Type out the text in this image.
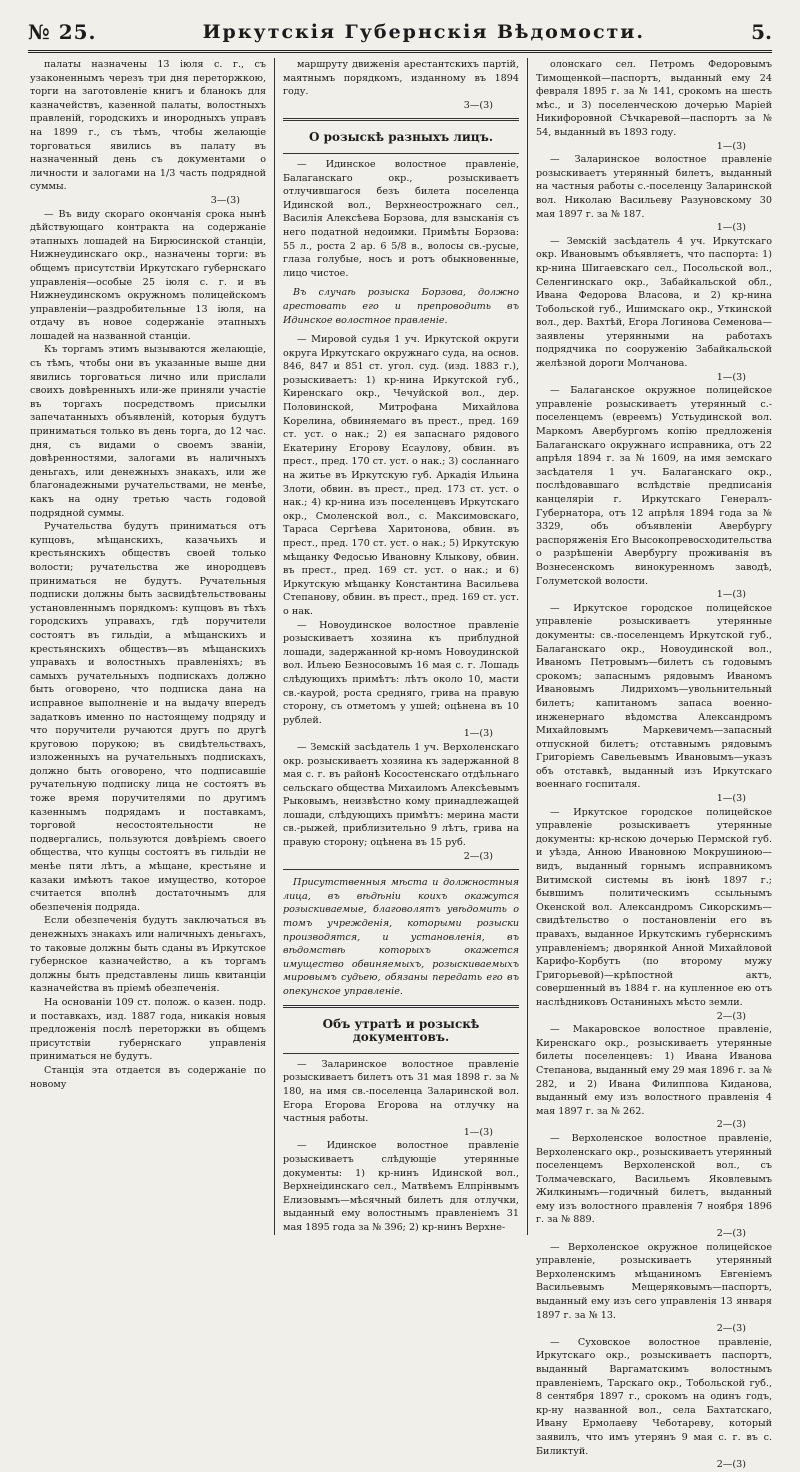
№ 25.	Иркутскія Губернскія Вѣдомости.	5.

палаты назначены 13 іюля с. г., съ узаконеннымъ черезъ три дня переторжкою, торги на заготовленіе книгъ и бланокъ для казначействъ, казенной палаты, волостныхъ правленій, городскихъ и инородныхъ управъ на 1899 г., съ тѣмъ, чтобы желающіе торговаться явились въ палату въ назначенный день съ документами о личности и залогами на 1/3 часть подрядной суммы.

3—(3)

— Въ виду скораго окончанія срока нынѣ дѣйствующаго контракта на содержаніе этапныхъ лошадей на Бирюсинской станціи, Нижнеудинскаго окр., назначены торги: въ общемъ присутствіи Иркутскаго губернскаго управленія—особые 25 іюля с. г. и въ Нижнеудинскомъ окружномъ полицейскомъ управленіи—раздробительные 13 іюля, на отдачу въ новое содержаніе этапныхъ лошадей на названной станціи.

Къ торгамъ этимъ вызываются желающіе, съ тѣмъ, чтобы они въ указанные выше дни явились торговаться лично или прислали своихъ довѣренныхъ или-же приняли участіе въ торгахъ посредствомъ присылки запечатанныхъ объявленій, которыя будутъ приниматься только въ день торга, до 12 час. дня, съ видами о своемъ званіи, довѣренностями, залогами въ наличныхъ деньгахъ, или денежныхъ знакахъ, или же благонадежными ручательствами, не менѣе, какъ на одну третью часть годовой подрядной суммы.

Ручательства будутъ приниматься отъ купцовъ, мѣщанскихъ, казачьихъ и крестьянскихъ обществъ своей только волости; ручательства же инородцевъ приниматься не будутъ. Ручательныя подписки должны быть засвидѣтельствованы установленнымъ порядкомъ: купцовъ въ тѣхъ городскихъ управахъ, гдѣ поручители состоятъ въ гильдіи, а мѣщанскихъ и крестьянскихъ обществъ—въ мѣщанскихъ управахъ и волостныхъ правленіяхъ; въ самыхъ ручательныхъ подпискахъ должно быть оговорено, что подписка дана на исправное выполненіе и на выдачу впередъ задатковъ именно по настоящему подряду и что поручители ручаются другъ по другѣ круговою порукою; въ свидѣтельствахъ, изложенныхъ на ручательныхъ подпискахъ, должно быть оговорено, что подписавшіе ручательную подписку лица не состоятъ въ тоже время поручителями по другимъ казеннымъ подрядамъ и поставкамъ, торговой несостоятельности не подвергались, пользуются довѣріемъ своего общества, что купцы состоятъ въ гильдіи не менѣе пяти лѣтъ, а мѣщане, крестьяне и казаки имѣютъ такое имущество, которое считается вполнѣ достаточнымъ для обезпеченія подряда.

Если обезпеченія будутъ заключаться въ денежныхъ знакахъ или наличныхъ деньгахъ, то таковые должны быть сданы въ Иркутское губернское казначейство, а къ торгамъ должны быть представлены лишь квитанціи казначейства въ пріемѣ обезпеченія.

На основаніи 109 ст. полож. о казен. подр. и поставкахъ, изд. 1887 года, никакія новыя предложенія послѣ переторжки въ общемъ присутствіи губернскаго управленія приниматься не будутъ.

Станція эта отдается въ содержаніе по новому

маршруту движенія арестантскихъ партій, маятнымъ порядкомъ, изданному въ 1894 году.

3—(3)

О розыскѣ разныхъ лицъ.

— Идинское волостное правленіе, Балаганскаго окр., розыскиваетъ отлучившагося безъ билета поселенца Идинской вол., Верхнеострожнаго сел., Василія Алексѣева Борзова, для взысканія съ него податной недоимки. Примѣты Борзова: 55 л., роста 2 ар. 6 5/8 в., волосы св.-русые, глаза голубые, носъ и ротъ обыкновенные, лицо чистое.

Въ случаѣ розыска Борзова, должно арестовать его и препроводить въ Идинское волостное правленіе.

— Мировой судья 1 уч. Иркутской округи округа Иркутскаго окружнаго суда, на основ. 846, 847 и 851 ст. угол. суд. (изд. 1883 г.), розыскиваетъ: 1) кр-нина Иркутской губ., Киренскаго окр., Чечуйской вол., дер. Половинской, Митрофана Михайлова Корелина, обвиняемаго въ прест., пред. 169 ст. уст. о нак.; 2) ея запаснаго рядового Екатерину Егорову Есаулову, обвин. въ прест., пред. 170 ст. уст. о нак.; 3) сосланнаго на житье въ Иркутскую губ. Аркадія Ильина Злоти, обвин. въ прест., пред. 173 ст. уст. о нак.; 4) кр-нина изъ поселенцевъ Иркутскаго окр., Смоленской вол., с. Максимовскаго, Тараса Сергѣева Харитонова, обвин. въ прест., пред. 170 ст. уст. о нак.; 5) Иркутскую мѣщанку Федосью Ивановну Клыкову, обвин. въ прест., пред. 169 ст. уст. о нак.; и 6) Иркутскую мѣщанку Константина Васильева Степанову, обвин. въ прест., пред. 169 ст. уст. о нак.

— Новоудинское волостное правленіе розыскиваетъ хозяина къ приблудной лошади, задержанной кр-номъ Новоудинской вол. Ильею Безносовымъ 16 мая с. г. Лошадь слѣдующихъ примѣтъ: лѣтъ около 10, масти св.-каурой, роста средняго, грива на правую сторону, съ отметомъ у ушей; оцѣнена въ 10 рублей.

1—(3)

— Земскій засѣдатель 1 уч. Верхоленскаго окр. розыскиваетъ хозяина къ задержанной 8 мая с. г. въ районѣ Косостенскаго отдѣльнаго сельскаго общества Михаиломъ Алексѣевымъ Рыковымъ, неизвѣстно кому принадлежащей лошади, слѣдующихъ примѣтъ: мерина масти св.-рыжей, приблизительно 9 лѣтъ, грива на правую сторону; оцѣнена въ 15 руб.

2—(3)

Присутственныя мѣста и должностныя лица, въ вѣдѣніи коихъ окажутся розыскиваемые, благоволятъ увѣдомить о томъ учрежденія, которыми розыски производятся, и установленія, въ вѣдомствѣ которыхъ окажется имущество обвиняемыхъ, розыскиваемыхъ мировымъ судьею, обязаны передать его въ опекунское управленіе.

Объ утратѣ и розыскѣ документовъ.

— Заларинское волостное правленіе розыскиваетъ билетъ отъ 31 мая 1898 г. за № 180, на имя св.-поселенца Заларинской вол. Егора Егорова Егорова на отлучку на частныя работы.

1—(3)

— Идинское волостное правленіе розыскиваетъ слѣдующіе утерянные документы: 1) кр-нинъ Идинской вол., Верхнеідинскаго сел., Матвѣемъ Елпрінвымъ Елизовымъ—мѣсячный билетъ для отлучки, выданный ему волостнымъ правленіемъ 31 мая 1895 года за № 396; 2) кр-нинъ Верхне-

олонскаго сел. Петромъ Федоровымъ Тимощенкой—паспортъ, выданный ему 24 февраля 1895 г. за № 141, срокомъ на шесть мѣс., и 3) поселенческою дочерью Маріей Никифоровной Сѣчкаревой—паспортъ за № 54, выданный въ 1893 году.

1—(3)

— Заларинское волостное правленіе розыскиваетъ утерянный билетъ, выданный на частныя работы с.-поселенцу Заларинской вол. Николаю Васильеву Разуновскому 30 мая 1897 г. за № 187.

1—(3)

— Земскій засѣдатель 4 уч. Иркутскаго окр. Ивановымъ объявляетъ, что паспорта: 1) кр-нина Шигаевскаго сел., Посольской вол., Селенгинскаго окр., Забайкальской обл., Ивана Федорова Власова, и 2) кр-нина Тобольской губ., Ишимскаго окр., Уткинской вол., дер. Вахтѣй, Егора Логинова Семенова—заявлены утерянными на работахъ подрядчика по сооруженію Забайкальской желѣзной дороги Молчанова.

1—(3)

— Балаганское окружное полицейское управленіе розыскиваетъ утерянный с.-поселенцемъ (евреемъ) Устьудинской вол. Маркомъ Авербургомъ копію предложенія Балаганскаго окружнаго исправника, отъ 22 апрѣля 1894 г. за № 1609, на имя земскаго засѣдателя 1 уч. Балаганскаго окр., послѣдовавшаго вслѣдствіе предписанія канцеляріи г. Иркутскаго Генералъ-Губернатора, отъ 12 апрѣля 1894 года за № 3329, объ объявленіи Авербургу распоряженія Его Высокопревосходительства о разрѣшеніи Авербургу проживанія въ Вознесенскомъ винокуренномъ заводѣ, Голуметской волости.

1—(3)

— Иркутское городское полицейское управленіе розыскиваетъ утерянные документы: св.-поселенцемъ Иркутской губ., Балаганскаго окр., Новоудинской вол., Иваномъ Петровымъ—билетъ съ годовымъ срокомъ; запаснымъ рядовымъ Иваномъ Ивановымъ Лидрихомъ—увольнительный билетъ; капитаномъ запаса военно-инженернаго вѣдомства Александромъ Михайловымъ Маркевичемъ—запасный отпускной билетъ; отставнымъ рядовымъ Григоріемъ Савельевымъ Ивановымъ—указъ объ отставкѣ, выданный изъ Иркутскаго военнаго госпиталя.

1—(3)

— Иркутское городское полицейское управленіе розыскиваетъ утерянные документы: кр-нскою дочерью Пермской губ. и уѣзда, Анною Ивановною Мокрушиною—видъ, выданный горнымъ исправникомъ Витимской системы въ іюнѣ 1897 г.; бывшимъ политическимъ ссыльнымъ Окенской вол. Александромъ Сикорскимъ—свидѣтельство о постановленіи его въ правахъ, выданное Иркутскимъ губернскимъ управленіемъ; дворянкой Анной Михайловой Карифо-Корбутъ (по второму мужу Григорьевой)—крѣпостной актъ, совершенный въ 1884 г. на купленное ею отъ наслѣдниковъ Останиныхъ мѣсто земли.

2—(3)

— Макаровское волостное правленіе, Киренскаго окр., розыскиваетъ утерянные билеты поселенцевъ: 1) Ивана Иванова Степанова, выданный ему 29 мая 1896 г. за № 282, и 2) Ивана Филиппова Киданова, выданный ему изъ волостного правленія 4 мая 1897 г. за № 262.

2—(3)

— Верхоленское волостное правленіе, Верхоленскаго окр., розыскиваетъ утерянный поселенцемъ Верхоленской вол., съ Толмачевскаго, Васильемъ Яковлевымъ Жилкинымъ—годичный билетъ, выданный ему изъ волостного правленія 7 ноября 1896 г. за № 889.

2—(3)

— Верхоленское окружное полицейское управленіе, розыскиваетъ утерянный Верхоленскимъ мѣщаниномъ Евгеніемъ Васильевымъ Мещеряковымъ—паспортъ, выданный ему изъ сего управленія 13 января 1897 г. за № 13.

2—(3)

— Суховское волостное правленіе, Иркутскаго окр., розыскиваетъ паспортъ, выданный Варгаматскимъ волостнымъ правленіемъ, Тарскаго окр., Тобольской губ., 8 сентября 1897 г., срокомъ на одинъ годъ, кр-ну названной вол., села Бахтатскаго, Ивану Ермолаеву Чеботареву, который заявилъ, что имъ утерянъ 9 мая с. г. въ с. Биликтуй.

2—(3)
